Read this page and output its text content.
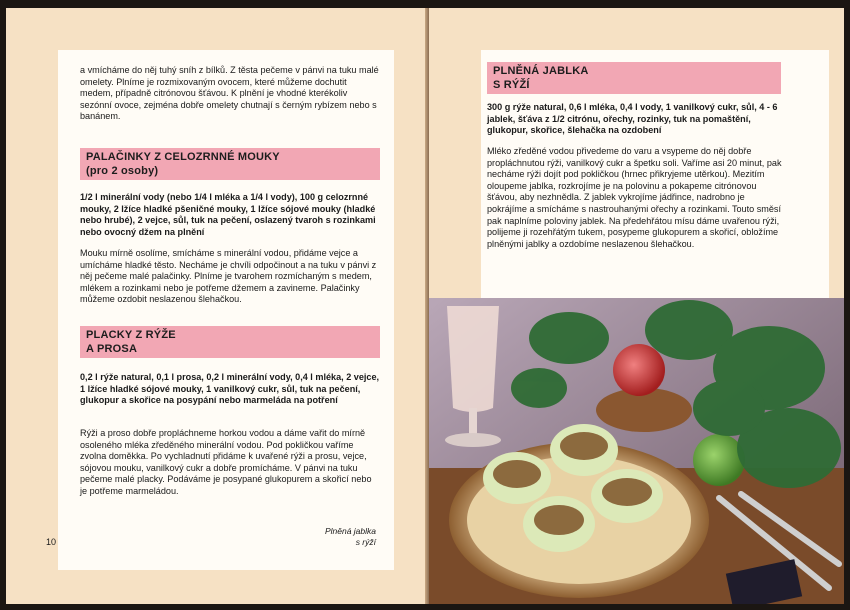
a vmícháme do něj tuhý sníh z bílků. Z těsta pečeme v pánvi na tuku malé omelety. Plníme je rozmixovaným ovocem, které můžeme dochutit medem, případně citrónovou šťávou. K plnění je vhodné kterékoliv sezónní ovoce, zejména dobře omelety chutnají s černým rybízem nebo s banánem.
PALAČINKY Z CELOZRNNÉ MOUKY
(pro 2 osoby)
1/2 l minerální vody (nebo 1/4 l mléka a 1/4 l vody), 100 g celozrnné mouky, 2 lžíce hladké pšeničné mouky, 1 lžíce sójové mouky (hladké nebo hrubé), 2 vejce, sůl, tuk na pečení, oslazený tvaroh s rozinkami nebo ovocný džem na plnění
Mouku mírně osolíme, smícháme s minerální vodou, přidáme vejce a umícháme hladké těsto. Necháme je chvíli odpočinout a na tuku v pánvi z něj pečeme malé palačinky. Plníme je tvarohem rozmíchaným s medem, mlékem a rozinkami nebo je potřeme džemem a zavineme. Palačinky můžeme ozdobit neslazenou šlehačkou.
PLACKY Z RÝŽE
A PROSA
0,2 l rýže natural, 0,1 l prosa, 0,2 l minerální vody, 0,4 l mléka, 2 vejce, 1 lžíce hladké sójové mouky, 1 vanilkový cukr, sůl, tuk na pečení, glukopur a skořice na posypání nebo marmeláda na potření
Rýži a proso dobře propláchneme horkou vodou a dáme vařit do mírně osoleného mléka zředěného minerální vodou. Pod pokličkou vaříme zvolna doměkka. Po vychladnutí přidáme k uvařené rýži a prosu, vejce, sójovou mouku, vanilkový cukr a dobře promícháme. V pánvi na tuku pečeme malé placky. Podáváme je posypané glukopurem a skořicí nebo je potřeme marmeládou.
10
Plněná jablka
s rýží
PLNĚNÁ JABLKA
S RÝŽÍ
300 g rýže natural, 0,6 l mléka, 0,4 l vody, 1 vanilkový cukr, sůl, 4 - 6 jablek, šťáva z 1/2 citrónu, ořechy, rozinky, tuk na pomaštění, glukopur, skořice, šlehačka na ozdobení
Mléko zředěné vodou přivedeme do varu a vsypeme do něj dobře propláchnutou rýži, vanilkový cukr a špetku soli. Vaříme asi 20 minut, pak necháme rýži dojít pod pokličkou (hrnec přikryjeme utěrkou). Mezitím oloupeme jablka, rozkrojíme je na polovinu a pokapeme citrónovou šťávou, aby nezhnědla. Z jablek vykrojíme jádřince, nadrobno je pokrájíme a smícháme s nastrouhanými ořechy a rozinkami. Touto směsí pak naplníme poloviny jablek. Na předehřátou mísu dáme uvařenou rýži, polijeme ji rozehřátým tukem, posypeme glukopurem a skořicí, obložíme plněnými jablky a ozdobíme neslazenou šlehačkou.
